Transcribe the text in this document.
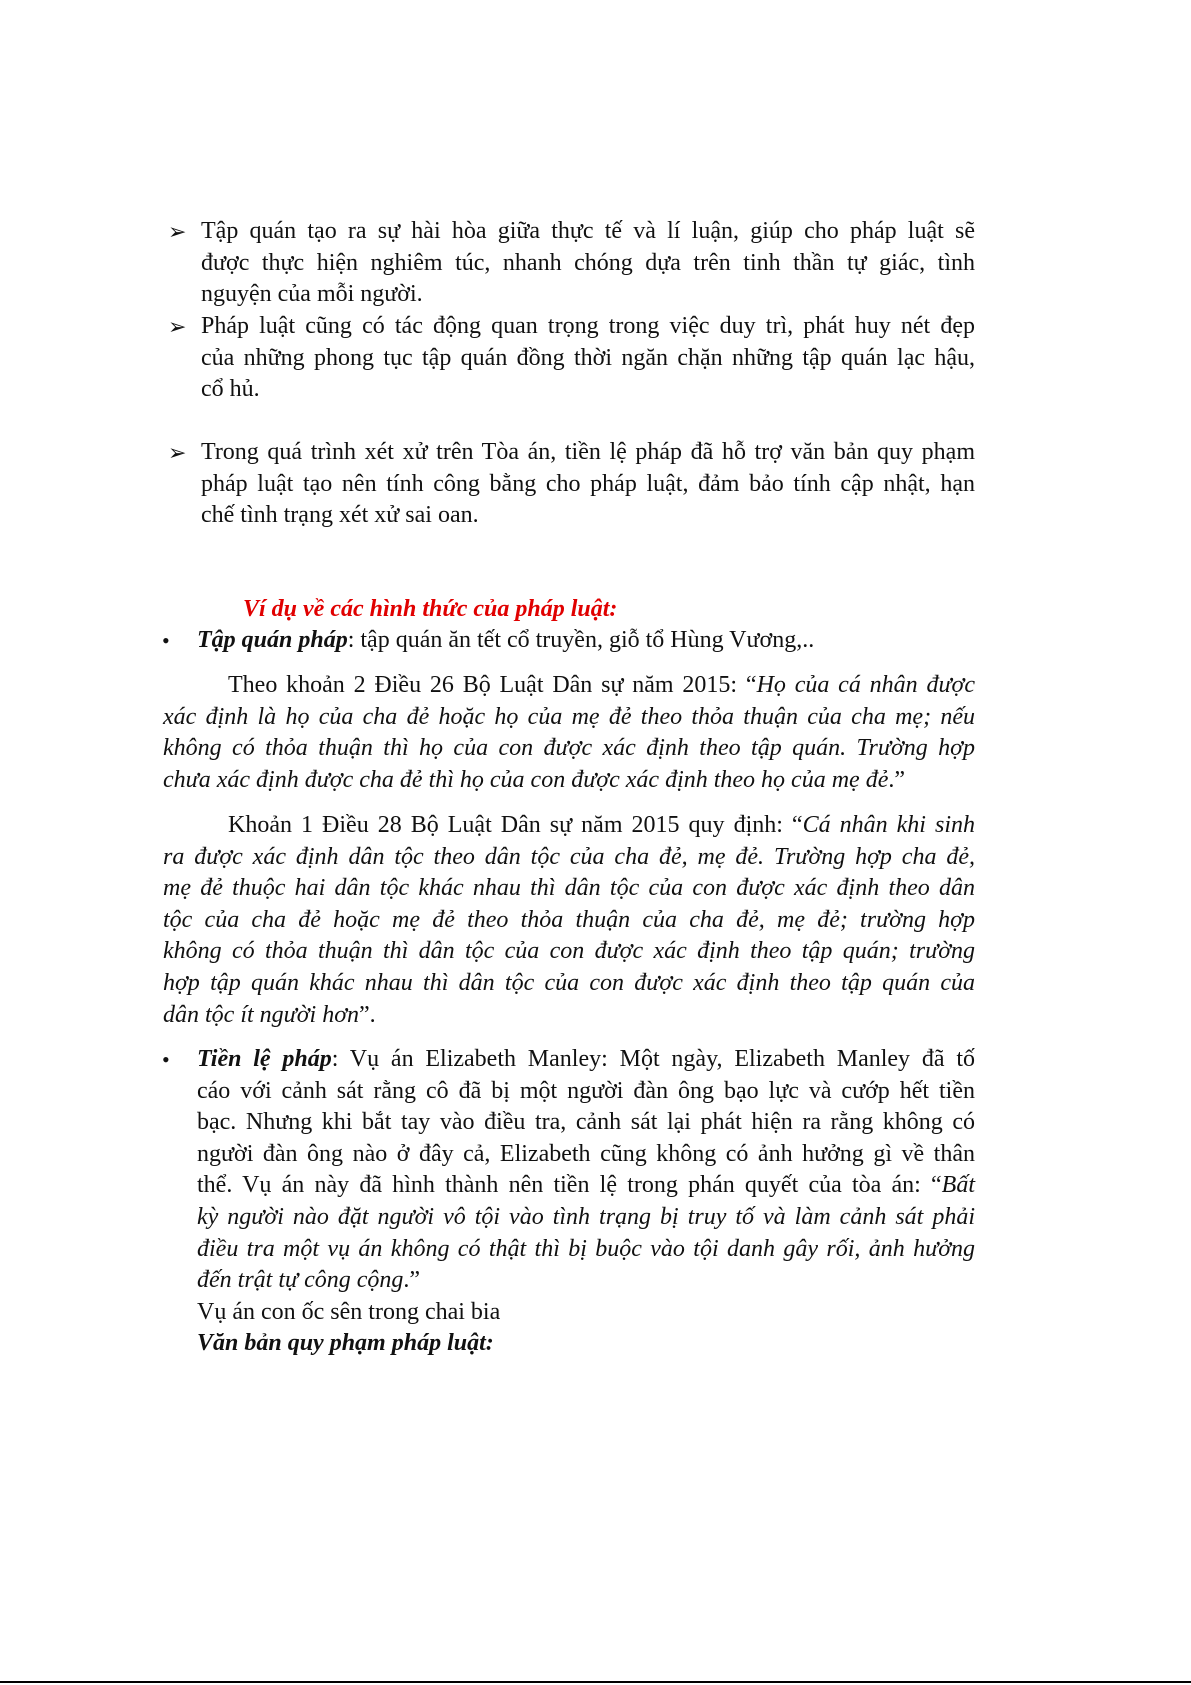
➢
➢
➢
•
•
Ví dụ về các hình thức của pháp luật:
Tập quán tạo ra sự hài hòa giữa thực tế và lí luận, giúp cho pháp luật sẽ
được thực hiện nghiêm túc, nhanh chóng dựa trên tinh thần tự giác, tình
nguyện của mỗi người.
Pháp luật cũng có tác động quan trọng trong việc duy trì, phát huy nét đẹp
của những phong tục tập quán đồng thời ngăn chặn những tập quán lạc hậu,
cổ hủ.
Trong quá trình xét xử trên Tòa án, tiền lệ pháp đã hỗ trợ văn bản quy phạm
pháp luật tạo nên tính công bằng cho pháp luật, đảm bảo tính cập nhật, hạn
chế tình trạng xét xử sai oan.
Tập quán pháp: tập quán ăn tết cổ truyền, giỗ tổ Hùng Vương,..
Theo khoản 2 Điều 26 Bộ Luật Dân sự năm 2015: “Họ của cá nhân được
xác định là họ của cha đẻ hoặc họ của mẹ đẻ theo thỏa thuận của cha mẹ; nếu
không có thỏa thuận thì họ của con được xác định theo tập quán. Trường hợp
chưa xác định được cha đẻ thì họ của con được xác định theo họ của mẹ đẻ.”
Khoản 1 Điều 28 Bộ Luật Dân sự năm 2015 quy định: “Cá nhân khi sinh
ra được xác định dân tộc theo dân tộc của cha đẻ, mẹ đẻ. Trường hợp cha đẻ,
mẹ đẻ thuộc hai dân tộc khác nhau thì dân tộc của con được xác định theo dân
tộc của cha đẻ hoặc mẹ đẻ theo thỏa thuận của cha đẻ, mẹ đẻ; trường hợp
không có thỏa thuận thì dân tộc của con được xác định theo tập quán; trường
hợp tập quán khác nhau thì dân tộc của con được xác định theo tập quán của
dân tộc ít người hơn”.
Tiền lệ pháp: Vụ án Elizabeth Manley: Một ngày, Elizabeth Manley đã tố
cáo với cảnh sát rằng cô đã bị một người đàn ông bạo lực và cướp hết tiền
bạc. Nhưng khi bắt tay vào điều tra, cảnh sát lại phát hiện ra rằng không có
người đàn ông nào ở đây cả, Elizabeth cũng không có ảnh hưởng gì về thân
thể. Vụ án này đã hình thành nên tiền lệ trong phán quyết của tòa án: “Bất
kỳ người nào đặt người vô tội vào tình trạng bị truy tố và làm cảnh sát phải
điều tra một vụ án không có thật thì bị buộc vào tội danh gây rối, ảnh hưởng
đến trật tự công cộng.”
Vụ án con ốc sên trong chai bia
Văn bản quy phạm pháp luật:
